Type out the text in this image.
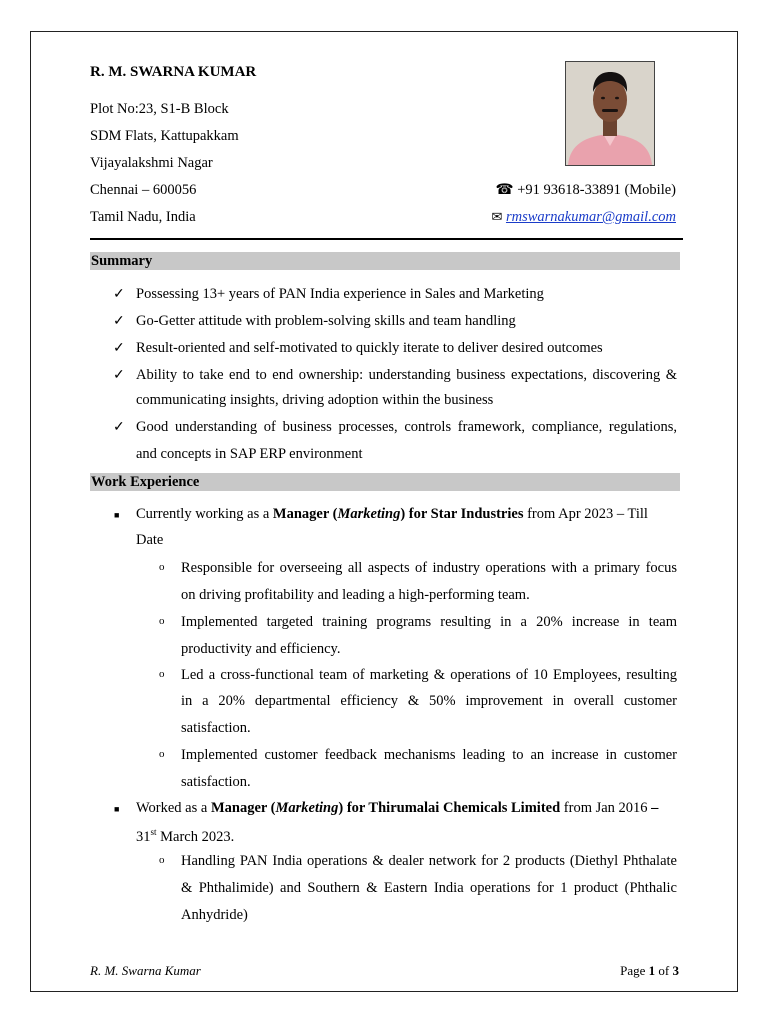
R. M. SWARNA KUMAR
Plot No:23, S1-B Block
SDM Flats, Kattupakkam
Vijayalakshmi Nagar
Chennai – 600056
Tamil Nadu, India
☎ +91 93618-33891 (Mobile)
✉ rmswarnakumar@gmail.com
Summary
✓ Possessing 13+ years of PAN India experience in Sales and Marketing
✓ Go-Getter attitude with problem-solving skills and team handling
✓ Result-oriented and self-motivated to quickly iterate to deliver desired outcomes
✓ Ability to take end to end ownership: understanding business expectations, discovering &
communicating insights, driving adoption within the business
✓ Good understanding of business processes, controls framework, compliance, regulations,
and concepts in SAP ERP environment
Work Experience
■ Currently working as a Manager (Marketing) for Star Industries from Apr 2023 – Till
Date
o Responsible for overseeing all aspects of industry operations with a primary focus
on driving profitability and leading a high-performing team.
o Implemented targeted training programs resulting in a 20% increase in team
productivity and efficiency.
o Led a cross-functional team of marketing & operations of 10 Employees, resulting
in a 20% departmental efficiency & 50% improvement in overall customer
satisfaction.
o Implemented customer feedback mechanisms leading to an increase in customer
satisfaction.
■ Worked as a Manager (Marketing) for Thirumalai Chemicals Limited from Jan 2016 –
31st March 2023.
o Handling PAN India operations & dealer network for 2 products (Diethyl Phthalate
& Phthalimide) and Southern & Eastern India operations for 1 product (Phthalic
Anhydride)
R. M. Swarna Kumar	Page 1 of 3
